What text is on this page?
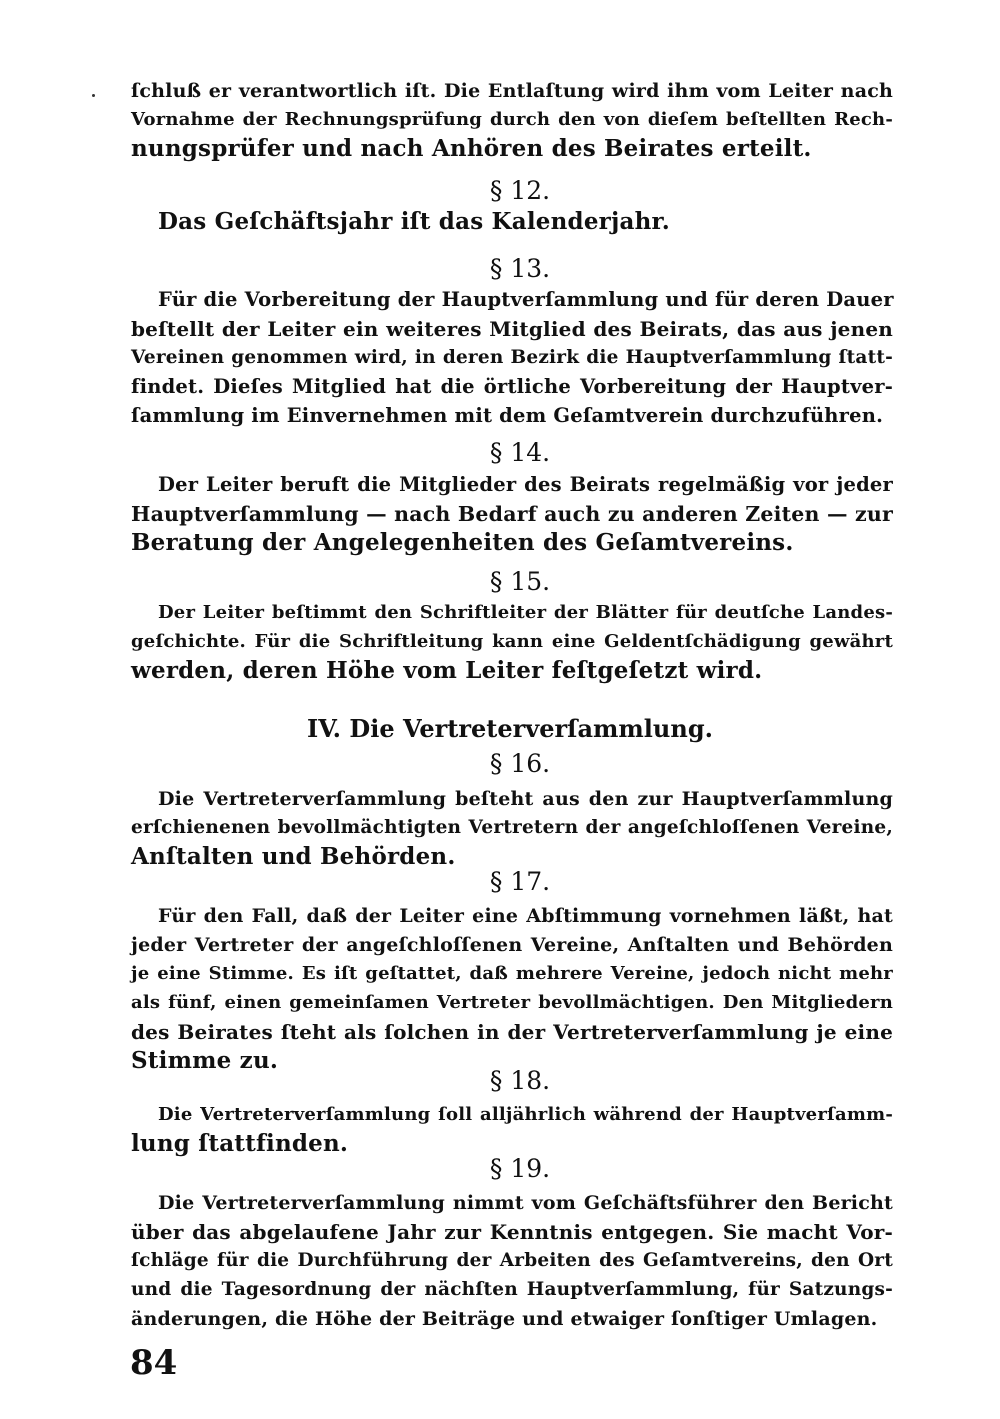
ſchluß er verantwortlich iſt. Die Entlaſtung wird ihm vom Leiter nach
Vornahme der Rechnungsprüfung durch den von dieſem beſtellten Rech-
nungsprüfer und nach Anhören des Beirates erteilt.
§ 12.
Das Geſchäftsjahr iſt das Kalenderjahr.
§ 13.
Für die Vorbereitung der Hauptverſammlung und für deren Dauer
beſtellt der Leiter ein weiteres Mitglied des Beirats, das aus jenen
Vereinen genommen wird, in deren Bezirk die Hauptverſammlung ſtatt-
findet. Dieſes Mitglied hat die örtliche Vorbereitung der Hauptver-
ſammlung im Einvernehmen mit dem Geſamtverein durchzuführen.
§ 14.
Der Leiter beruft die Mitglieder des Beirats regelmäßig vor jeder
Hauptverſammlung — nach Bedarf auch zu anderen Zeiten — zur
Beratung der Angelegenheiten des Geſamtvereins.
§ 15.
Der Leiter beſtimmt den Schriftleiter der Blätter für deutſche Landes-
geſchichte. Für die Schriftleitung kann eine Geldentſchädigung gewährt
werden, deren Höhe vom Leiter feſtgeſetzt wird.
IV. Die Vertreterverſammlung.
§ 16.
Die Vertreterverſammlung beſteht aus den zur Hauptverſammlung
erſchienenen bevollmächtigten Vertretern der angeſchloſſenen Vereine,
Anſtalten und Behörden.
§ 17.
Für den Fall, daß der Leiter eine Abſtimmung vornehmen läßt, hat
jeder Vertreter der angeſchloſſenen Vereine, Anſtalten und Behörden
je eine Stimme. Es iſt geſtattet, daß mehrere Vereine, jedoch nicht mehr
als fünf, einen gemeinſamen Vertreter bevollmächtigen. Den Mitgliedern
des Beirates ſteht als ſolchen in der Vertreterverſammlung je eine
Stimme zu.
§ 18.
Die Vertreterverſammlung ſoll alljährlich während der Hauptverſamm-
lung ſtattfinden.
§ 19.
Die Vertreterverſammlung nimmt vom Geſchäftsführer den Bericht
über das abgelaufene Jahr zur Kenntnis entgegen. Sie macht Vor-
ſchläge für die Durchführung der Arbeiten des Geſamtvereins, den Ort
und die Tagesordnung der nächſten Hauptverſammlung, für Satzungs-
änderungen, die Höhe der Beiträge und etwaiger ſonſtiger Umlagen.
84
